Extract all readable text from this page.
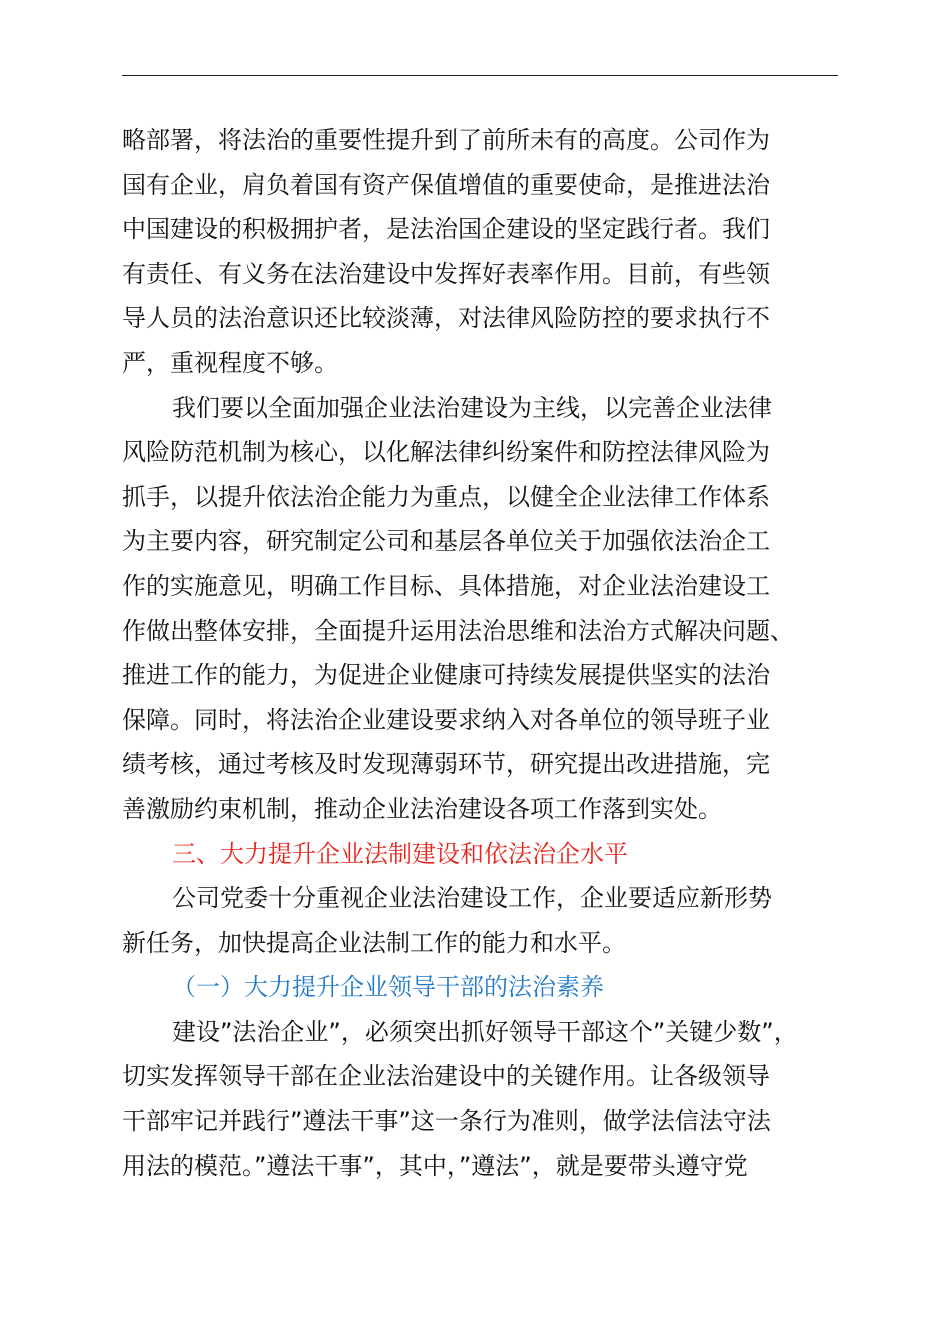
略部署，将法治的重要性提升到了前所未有的高度。公司作为
国有企业，肩负着国有资产保值增值的重要使命，是推进法治
中国建设的积极拥护者，是法治国企建设的坚定践行者。我们
有责任、有义务在法治建设中发挥好表率作用。目前，有些领
导人员的法治意识还比较淡薄，对法律风险防控的要求执行不
严，重视程度不够。
我们要以全面加强企业法治建设为主线，以完善企业法律
风险防范机制为核心，以化解法律纠纷案件和防控法律风险为
抓手，以提升依法治企能力为重点，以健全企业法律工作体系
为主要内容，研究制定公司和基层各单位关于加强依法治企工
作的实施意见，明确工作目标、具体措施，对企业法治建设工
作做出整体安排，全面提升运用法治思维和法治方式解决问题、
推进工作的能力，为促进企业健康可持续发展提供坚实的法治
保障。同时，将法治企业建设要求纳入对各单位的领导班子业
绩考核，通过考核及时发现薄弱环节，研究提出改进措施，完
善激励约束机制，推动企业法治建设各项工作落到实处。
三、大力提升企业法制建设和依法治企水平
公司党委十分重视企业法治建设工作，企业要适应新形势
新任务，加快提高企业法制工作的能力和水平。
（一）大力提升企业领导干部的法治素养
建设”法治企业”，必须突出抓好领导干部这个”关键少数”，
切实发挥领导干部在企业法治建设中的关键作用。让各级领导
干部牢记并践行”遵法干事”这一条行为准则，做学法信法守法
用法的模范。”遵法干事”，其中，”遵法”，就是要带头遵守党
